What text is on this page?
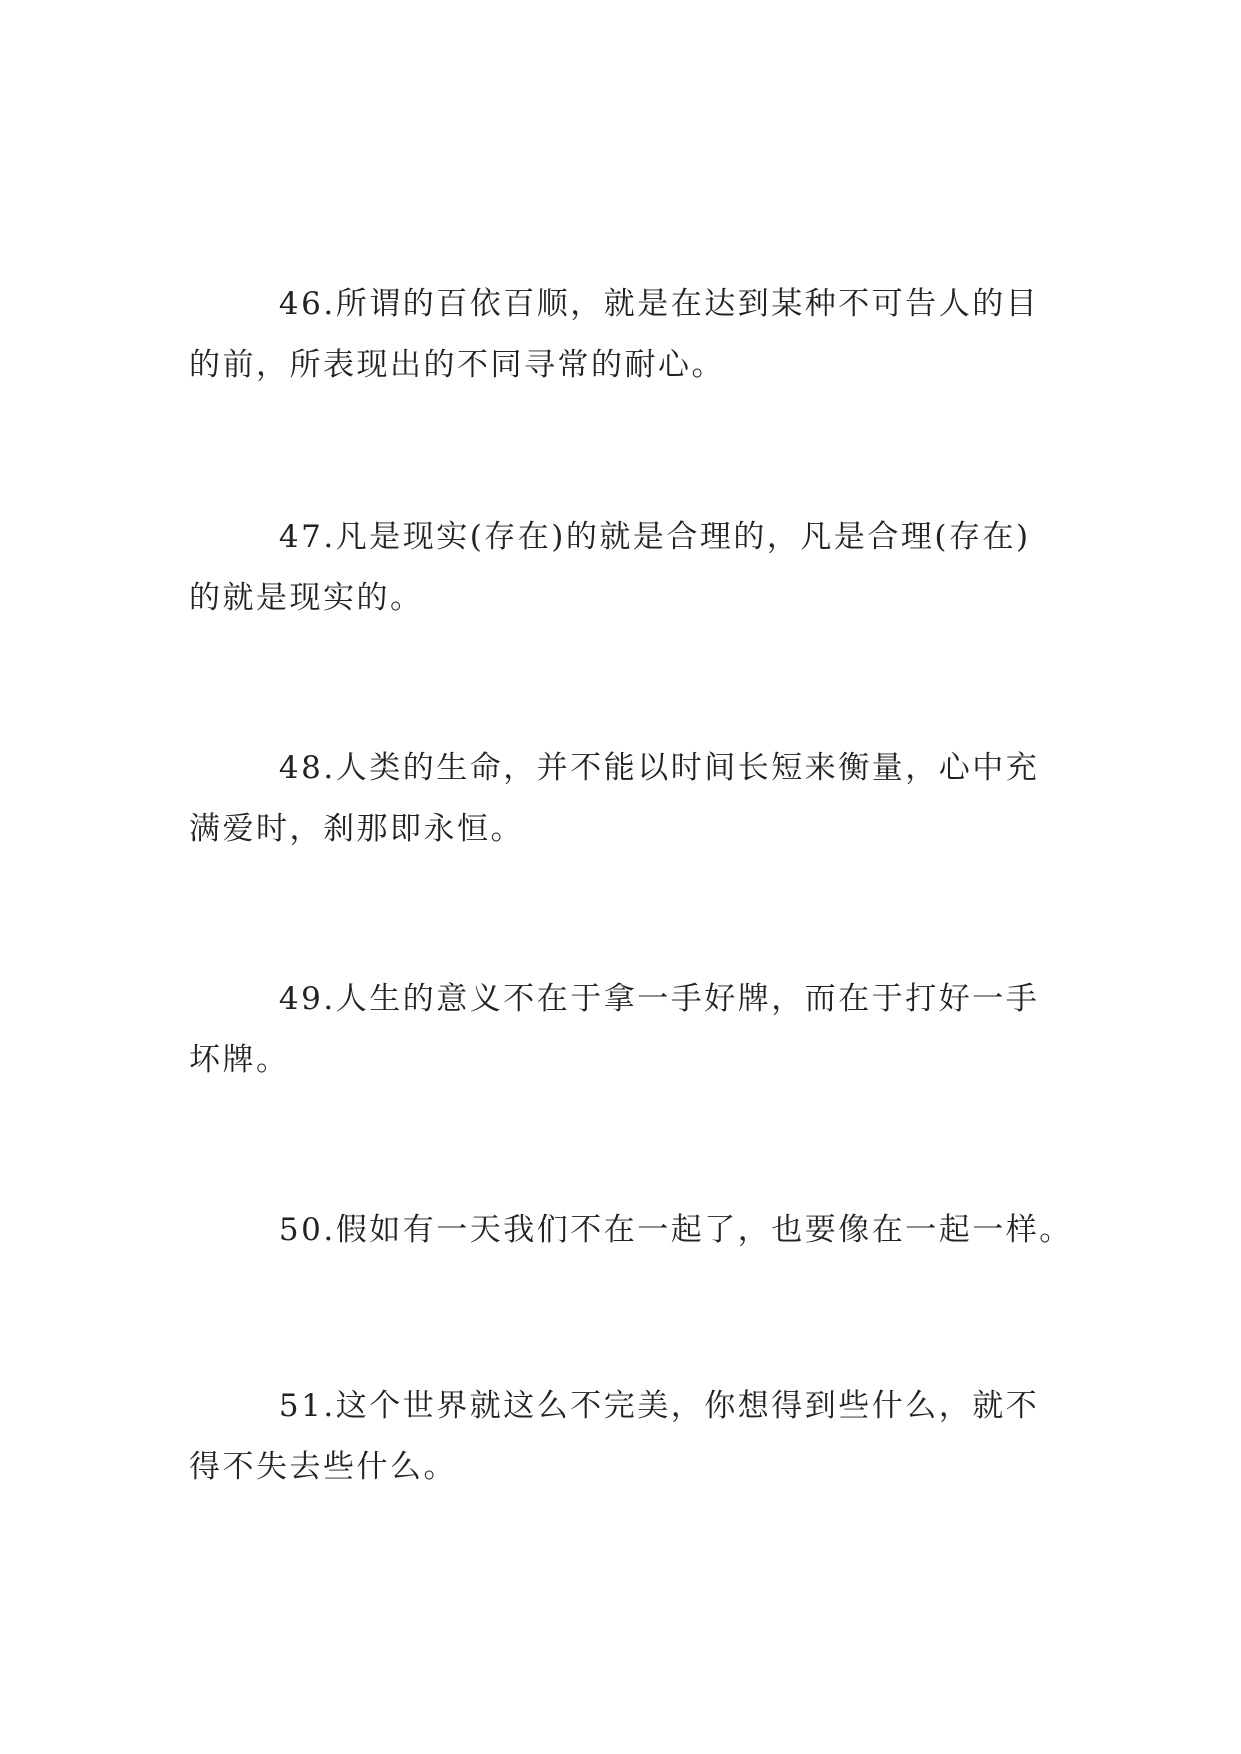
46.所谓的百依百顺，就是在达到某种不可告人的目的前，所表现出的不同寻常的耐心。

47.凡是现实(存在)的就是合理的，凡是合理(存在)的就是现实的。

48.人类的生命，并不能以时间长短来衡量，心中充满爱时，刹那即永恒。

49.人生的意义不在于拿一手好牌，而在于打好一手坏牌。

50.假如有一天我们不在一起了，也要像在一起一样。

51.这个世界就这么不完美，你想得到些什么，就不得不失去些什么。
